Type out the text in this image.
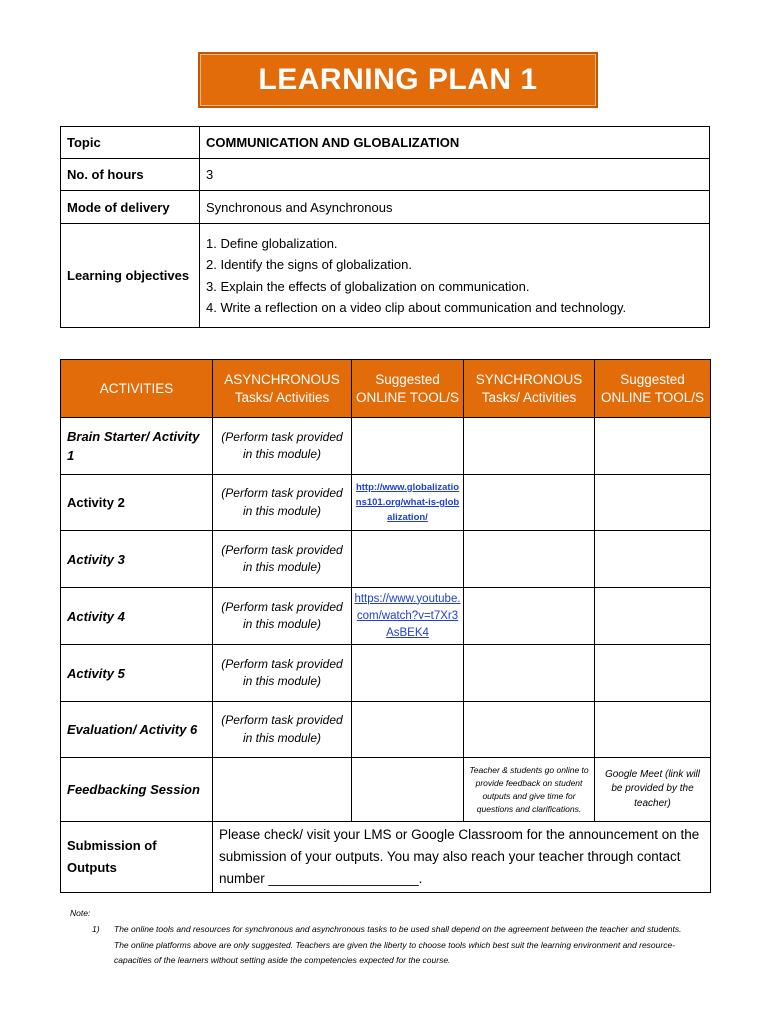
LEARNING PLAN 1
Topic	COMMUNICATION AND GLOBALIZATION
No. of hours	3
Mode of delivery	Synchronous and Asynchronous
Learning objectives	1. Define globalization.
2. Identify the signs of globalization.
3. Explain the effects of globalization on communication.
4. Write a reflection on a video clip about communication and technology.
ACTIVITIES	ASYNCHRONOUS Tasks/ Activities	Suggested ONLINE TOOL/S	SYNCHRONOUS Tasks/ Activities	Suggested ONLINE TOOL/S
Brain Starter/ Activity 1	(Perform task provided in this module)			
Activity 2	(Perform task provided in this module)	http://www.globalizations101.org/what-is-globalization/		
Activity 3	(Perform task provided in this module)			
Activity 4	(Perform task provided in this module)	https://www.youtube.com/watch?v=t7Xr3AsBEK4		
Activity 5	(Perform task provided in this module)			
Evaluation/ Activity 6	(Perform task provided in this module)			
Feedbacking Session			Teacher & students go online to provide feedback on student outputs and give time for questions and clarifications.	Google Meet (link will be provided by the teacher)
Submission of Outputs	Please check/ visit your LMS or Google Classroom for the announcement on the submission of your outputs. You may also reach your teacher through contact number ____________________.			
Note:
1)	The online tools and resources for synchronous and asynchronous tasks to be used shall depend on the agreement between the teacher and students. The online platforms above are only suggested. Teachers are given the liberty to choose tools which best suit the learning environment and resource-capacities of the learners without setting aside the competencies expected for the course.
